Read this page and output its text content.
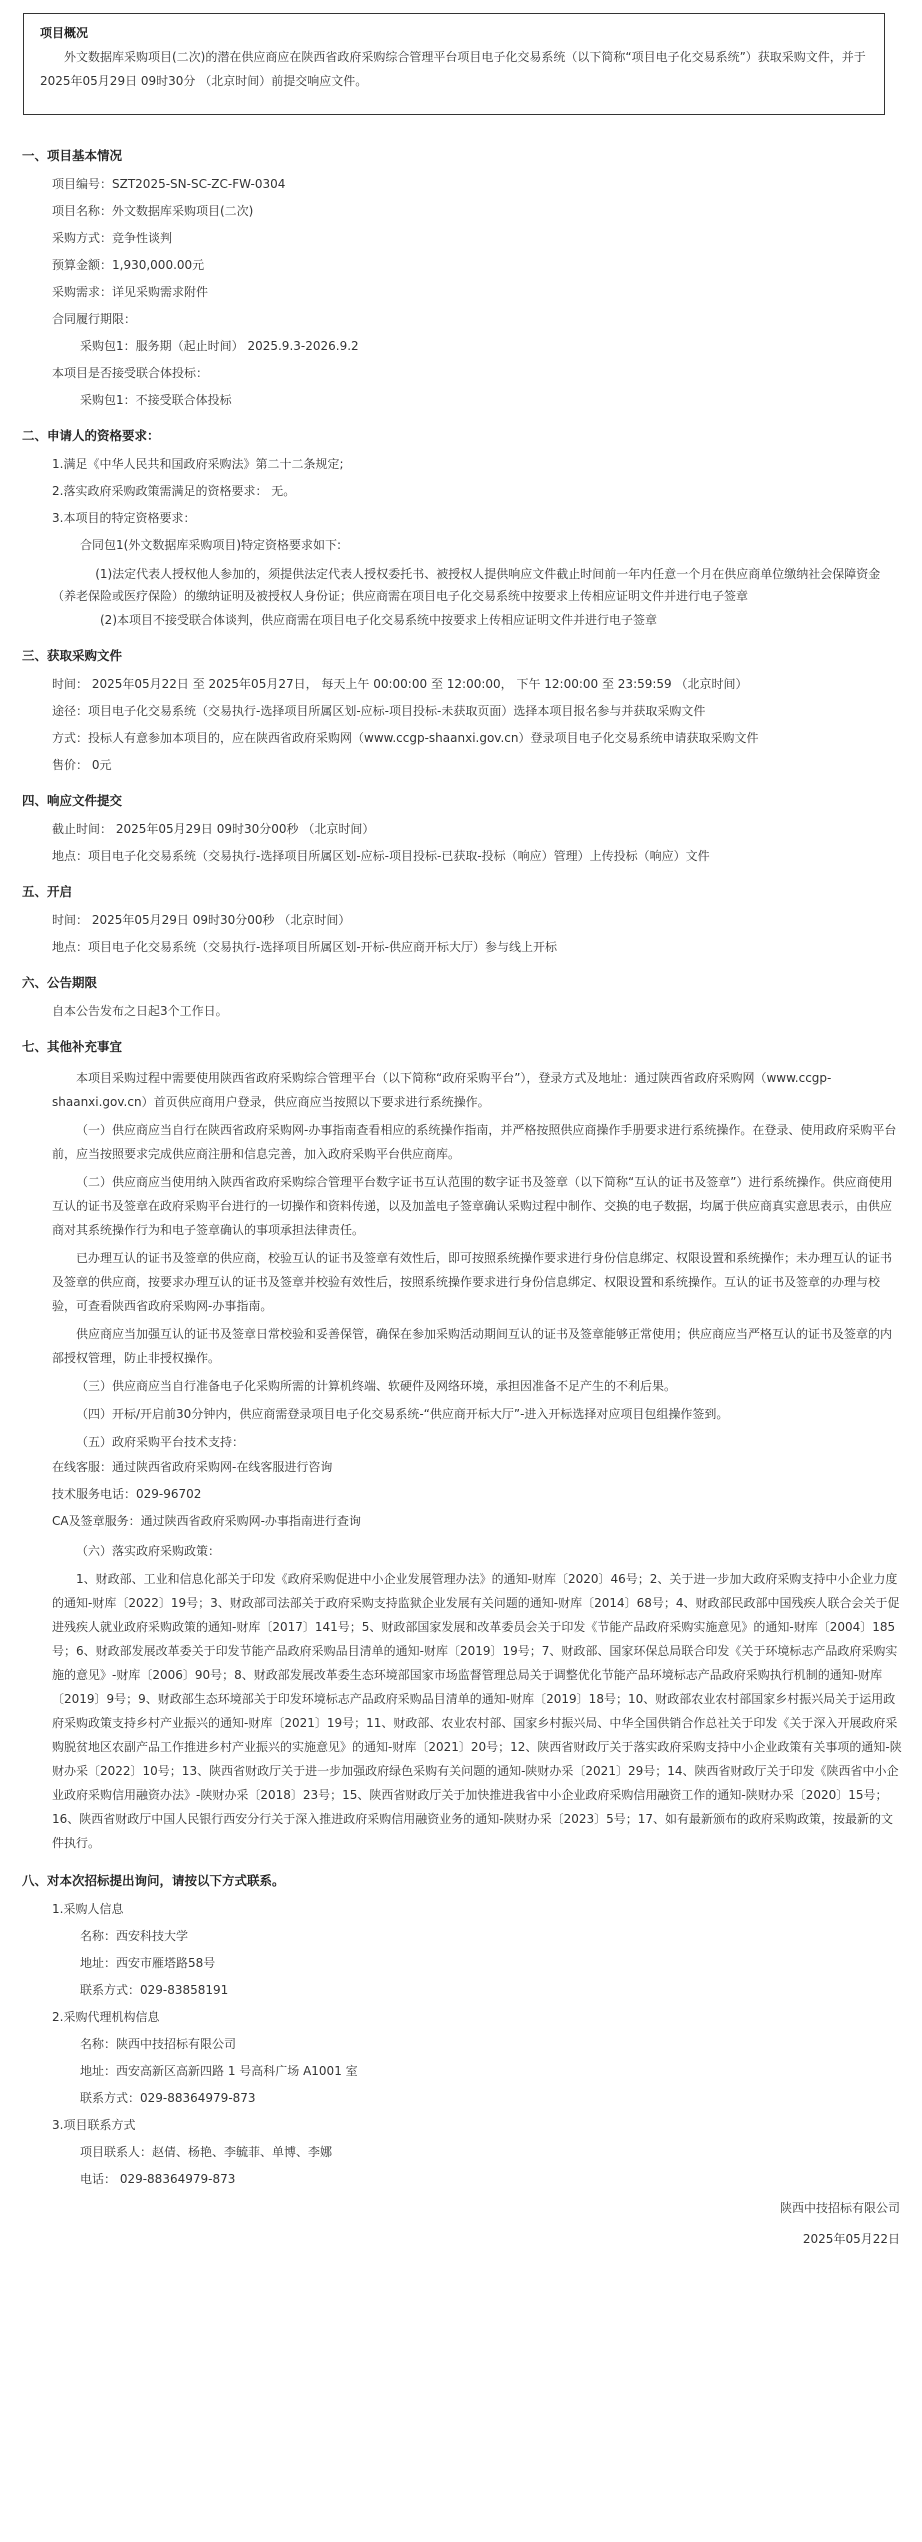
项目概况
外文数据库采购项目(二次)的潜在供应商应在陕西省政府采购综合管理平台项目电子化交易系统（以下简称“项目电子化交易系统”）获取采购文件，并于 2025年05月29日 09时30分 （北京时间）前提交响应文件。
一、项目基本情况
项目编号：SZT2025-SN-SC-ZC-FW-0304
项目名称：外文数据库采购项目(二次)
采购方式：竞争性谈判
预算金额：1,930,000.00元
采购需求：详见采购需求附件
合同履行期限：
采购包1：服务期（起止时间） 2025.9.3-2026.9.2
本项目是否接受联合体投标：
采购包1：不接受联合体投标
二、申请人的资格要求：
1.满足《中华人民共和国政府采购法》第二十二条规定;
2.落实政府采购政策需满足的资格要求： 无。
3.本项目的特定资格要求：
合同包1(外文数据库采购项目)特定资格要求如下:
(1)法定代表人授权他人参加的，须提供法定代表人授权委托书、被授权人提供响应文件截止时间前一年内任意一个月在供应商单位缴纳社会保障资金（养老保险或医疗保险）的缴纳证明及被授权人身份证；供应商需在项目电子化交易系统中按要求上传相应证明文件并进行电子签章
(2)本项目不接受联合体谈判，供应商需在项目电子化交易系统中按要求上传相应证明文件并进行电子签章
三、获取采购文件
时间： 2025年05月22日 至 2025年05月27日， 每天上午 00:00:00 至 12:00:00， 下午 12:00:00 至 23:59:59 （北京时间）
途径：项目电子化交易系统（交易执行-选择项目所属区划-应标-项目投标-未获取页面）选择本项目报名参与并获取采购文件
方式：投标人有意参加本项目的，应在陕西省政府采购网（www.ccgp-shaanxi.gov.cn）登录项目电子化交易系统申请获取采购文件
售价： 0元
四、响应文件提交
截止时间： 2025年05月29日 09时30分00秒 （北京时间）
地点：项目电子化交易系统（交易执行-选择项目所属区划-应标-项目投标-已获取-投标（响应）管理）上传投标（响应）文件
五、开启
时间： 2025年05月29日 09时30分00秒 （北京时间）
地点：项目电子化交易系统（交易执行-选择项目所属区划-开标-供应商开标大厅）参与线上开标
六、公告期限
自本公告发布之日起3个工作日。
七、其他补充事宜
本项目采购过程中需要使用陕西省政府采购综合管理平台（以下简称“政府采购平台”），登录方式及地址：通过陕西省政府采购网（www.ccgp-shaanxi.gov.cn）首页供应商用户登录，供应商应当按照以下要求进行系统操作。
（一）供应商应当自行在陕西省政府采购网-办事指南查看相应的系统操作指南，并严格按照供应商操作手册要求进行系统操作。在登录、使用政府采购平台前，应当按照要求完成供应商注册和信息完善，加入政府采购平台供应商库。
（二）供应商应当使用纳入陕西省政府采购综合管理平台数字证书互认范围的数字证书及签章（以下简称“互认的证书及签章”）进行系统操作。供应商使用互认的证书及签章在政府采购平台进行的一切操作和资料传递，以及加盖电子签章确认采购过程中制作、交换的电子数据，均属于供应商真实意思表示，由供应商对其系统操作行为和电子签章确认的事项承担法律责任。
已办理互认的证书及签章的供应商，校验互认的证书及签章有效性后，即可按照系统操作要求进行身份信息绑定、权限设置和系统操作；未办理互认的证书及签章的供应商，按要求办理互认的证书及签章并校验有效性后，按照系统操作要求进行身份信息绑定、权限设置和系统操作。互认的证书及签章的办理与校验，可查看陕西省政府采购网-办事指南。
供应商应当加强互认的证书及签章日常校验和妥善保管，确保在参加采购活动期间互认的证书及签章能够正常使用；供应商应当严格互认的证书及签章的内部授权管理，防止非授权操作。
（三）供应商应当自行准备电子化采购所需的计算机终端、软硬件及网络环境，承担因准备不足产生的不利后果。
（四）开标/开启前30分钟内，供应商需登录项目电子化交易系统-“供应商开标大厅”-进入开标选择对应项目包组操作签到。
（五）政府采购平台技术支持：
在线客服：通过陕西省政府采购网-在线客服进行咨询
技术服务电话：029-96702
CA及签章服务：通过陕西省政府采购网-办事指南进行查询
（六）落实政府采购政策：
1、财政部、工业和信息化部关于印发《政府采购促进中小企业发展管理办法》的通知-财库〔2020〕46号；2、关于进一步加大政府采购支持中小企业力度的通知-财库〔2022〕19号；3、财政部司法部关于政府采购支持监狱企业发展有关问题的通知-财库〔2014〕68号；4、财政部民政部中国残疾人联合会关于促进残疾人就业政府采购政策的通知-财库〔2017〕141号；5、财政部国家发展和改革委员会关于印发《节能产品政府采购实施意见》的通知-财库〔2004〕185号；6、财政部发展改革委关于印发节能产品政府采购品目清单的通知-财库〔2019〕19号；7、财政部、国家环保总局联合印发《关于环境标志产品政府采购实施的意见》-财库〔2006〕90号；8、财政部发展改革委生态环境部国家市场监督管理总局关于调整优化节能产品环境标志产品政府采购执行机制的通知-财库〔2019〕9号；9、财政部生态环境部关于印发环境标志产品政府采购品目清单的通知-财库〔2019〕18号；10、财政部农业农村部国家乡村振兴局关于运用政府采购政策支持乡村产业振兴的通知-财库〔2021〕19号；11、财政部、农业农村部、国家乡村振兴局、中华全国供销合作总社关于印发《关于深入开展政府采购脱贫地区农副产品工作推进乡村产业振兴的实施意见》的通知-财库〔2021〕20号；12、陕西省财政厅关于落实政府采购支持中小企业政策有关事项的通知-陕财办采〔2022〕10号；13、陕西省财政厅关于进一步加强政府绿色采购有关问题的通知-陕财办采〔2021〕29号；14、陕西省财政厅关于印发《陕西省中小企业政府采购信用融资办法》-陕财办采〔2018〕23号；15、陕西省财政厅关于加快推进我省中小企业政府采购信用融资工作的通知-陕财办采〔2020〕15号；16、陕西省财政厅中国人民银行西安分行关于深入推进政府采购信用融资业务的通知-陕财办采〔2023〕5号；17、如有最新颁布的政府采购政策，按最新的文件执行。
八、对本次招标提出询问，请按以下方式联系。
1.采购人信息
名称：西安科技大学
地址：西安市雁塔路58号
联系方式：029-83858191
2.采购代理机构信息
名称：陕西中技招标有限公司
地址：西安高新区高新四路 1 号高科广场 A1001 室
联系方式：029-88364979-873
3.项目联系方式
项目联系人：赵倩、杨艳、李毓菲、单博、李娜
电话： 029-88364979-873
陕西中技招标有限公司
2025年05月22日
